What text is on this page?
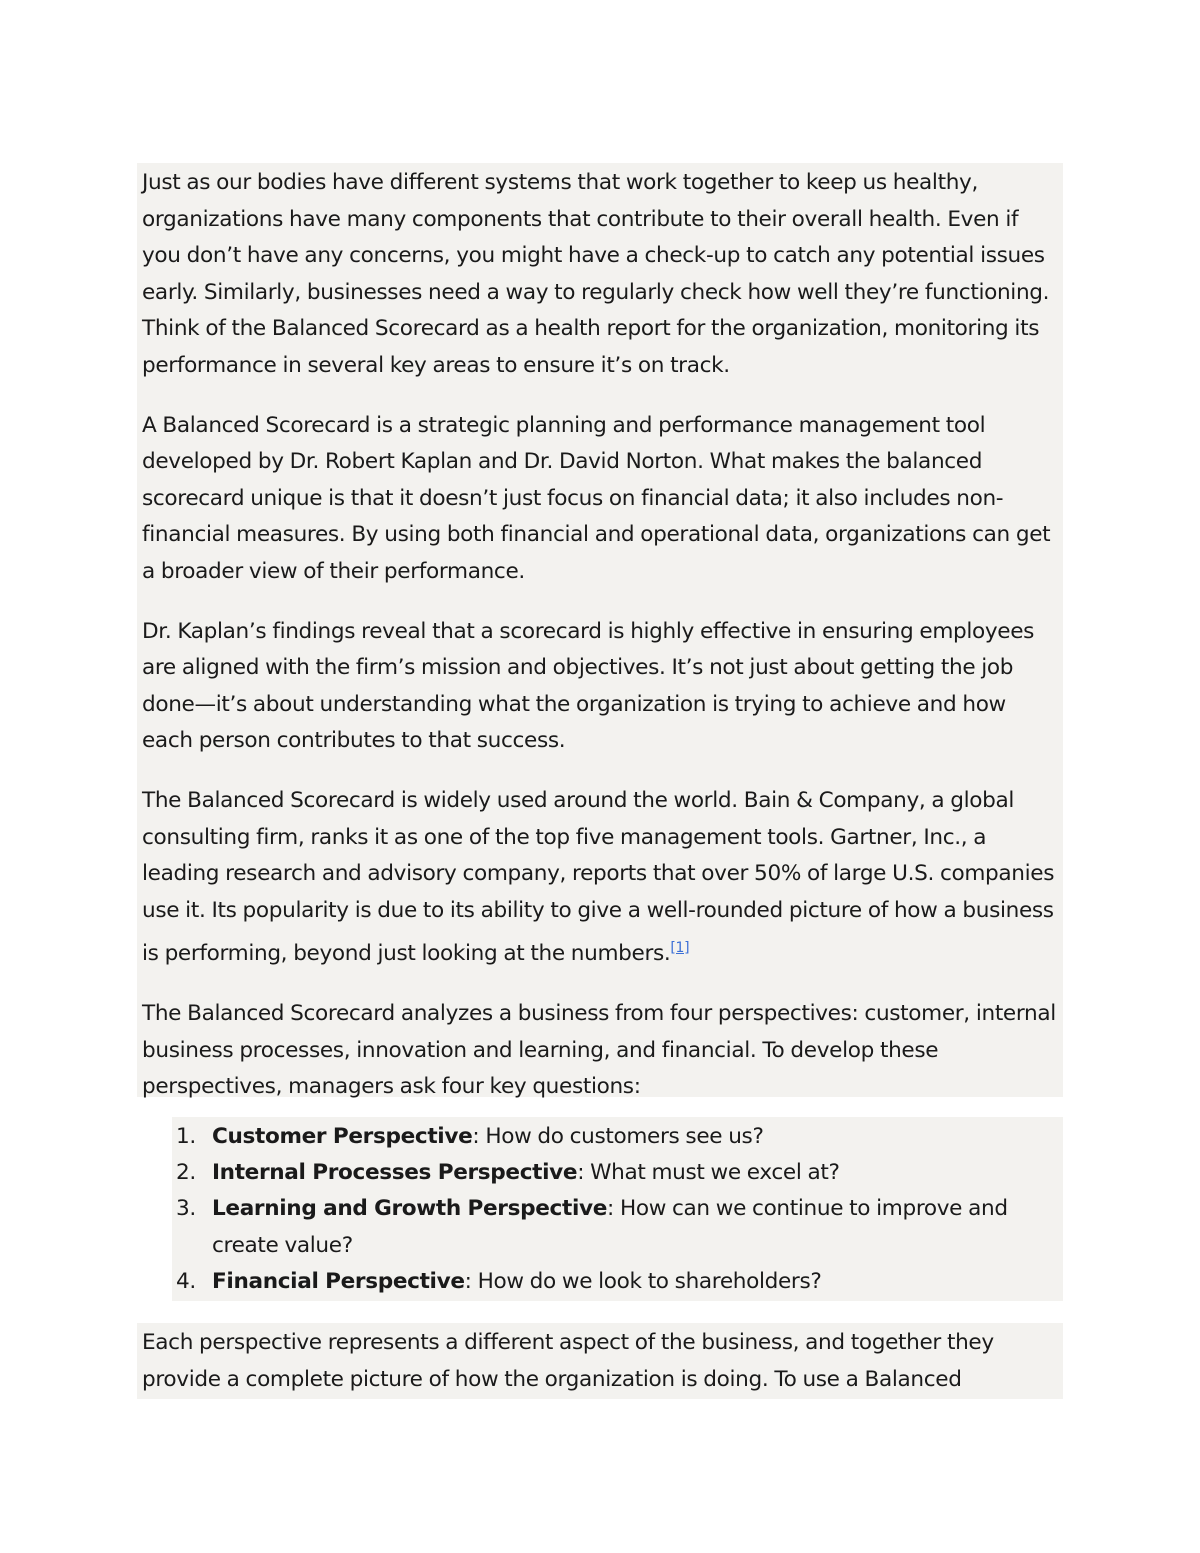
Just as our bodies have different systems that work together to keep us healthy, organizations have many components that contribute to their overall health. Even if you don’t have any concerns, you might have a check-up to catch any potential issues early. Similarly, businesses need a way to regularly check how well they’re functioning. Think of the Balanced Scorecard as a health report for the organization, monitoring its performance in several key areas to ensure it’s on track.

A Balanced Scorecard is a strategic planning and performance management tool developed by Dr. Robert Kaplan and Dr. David Norton. What makes the balanced scorecard unique is that it doesn’t just focus on financial data; it also includes non-financial measures. By using both financial and operational data, organizations can get a broader view of their performance.

Dr. Kaplan’s findings reveal that a scorecard is highly effective in ensuring employees are aligned with the firm’s mission and objectives. It’s not just about getting the job done—it’s about understanding what the organization is trying to achieve and how each person contributes to that success.

The Balanced Scorecard is widely used around the world. Bain & Company, a global consulting firm, ranks it as one of the top five management tools. Gartner, Inc., a leading research and advisory company, reports that over 50% of large U.S. companies use it. Its popularity is due to its ability to give a well-rounded picture of how a business is performing, beyond just looking at the numbers.[1]

The Balanced Scorecard analyzes a business from four perspectives: customer, internal business processes, innovation and learning, and financial. To develop these perspectives, managers ask four key questions:

1. Customer Perspective: How do customers see us?
2. Internal Processes Perspective: What must we excel at?
3. Learning and Growth Perspective: How can we continue to improve and create value?
4. Financial Perspective: How do we look to shareholders?

Each perspective represents a different aspect of the business, and together they provide a complete picture of how the organization is doing. To use a Balanced
